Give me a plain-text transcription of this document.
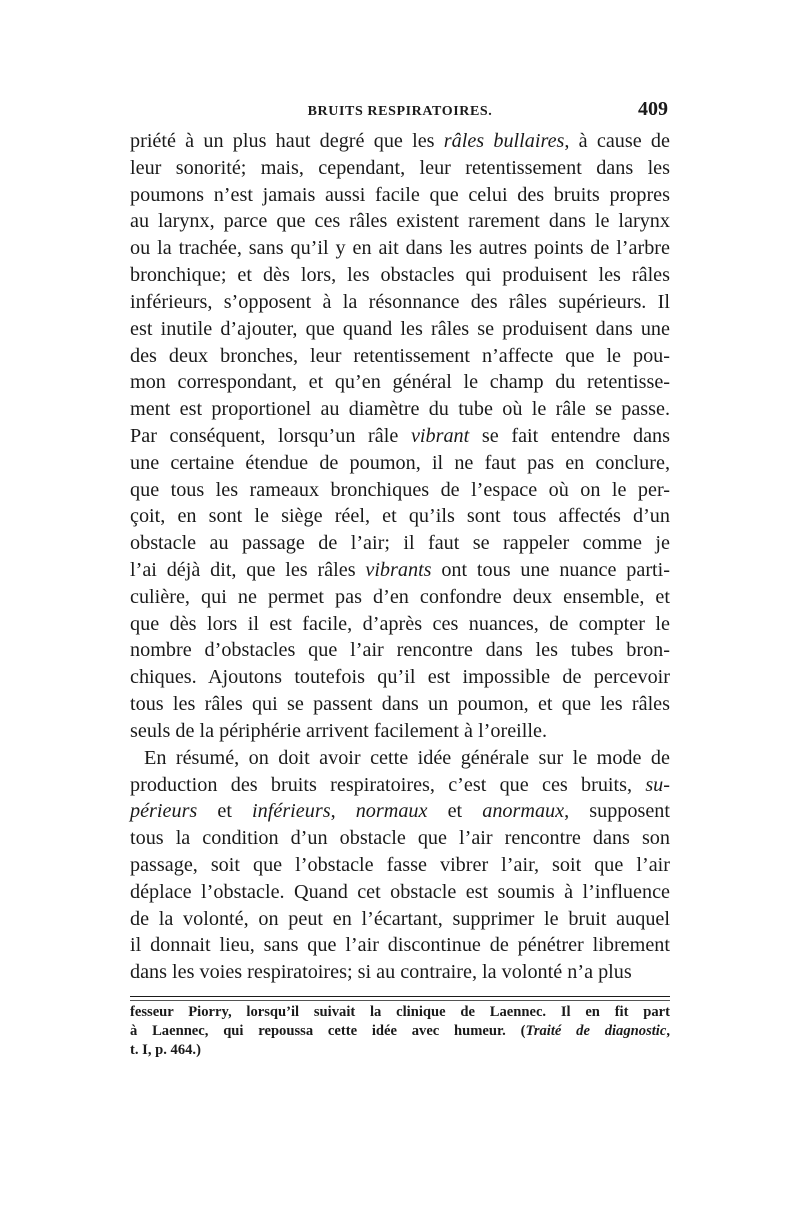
BRUITS RESPIRATOIRES.	409
priété à un plus haut degré que les râles bullaires, à cause de
leur sonorité; mais, cependant, leur retentissement dans les
poumons n’est jamais aussi facile que celui des bruits propres
au larynx, parce que ces râles existent rarement dans le larynx
ou la trachée, sans qu’il y en ait dans les autres points de l’arbre
bronchique; et dès lors, les obstacles qui produisent les râles
inférieurs, s’opposent à la résonnance des râles supérieurs. Il
est inutile d’ajouter, que quand les râles se produisent dans une
des deux bronches, leur retentissement n’affecte que le pou-
mon correspondant, et qu’en général le champ du retentisse-
ment est proportionel au diamètre du tube où le râle se passe.
Par conséquent, lorsqu’un râle vibrant se fait entendre dans
une certaine étendue de poumon, il ne faut pas en conclure,
que tous les rameaux bronchiques de l’espace où on le per-
çoit, en sont le siège réel, et qu’ils sont tous affectés d’un
obstacle au passage de l’air; il faut se rappeler comme je
l’ai déjà dit, que les râles vibrants ont tous une nuance parti-
culière, qui ne permet pas d’en confondre deux ensemble, et
que dès lors il est facile, d’après ces nuances, de compter le
nombre d’obstacles que l’air rencontre dans les tubes bron-
chiques. Ajoutons toutefois qu’il est impossible de percevoir
tous les râles qui se passent dans un poumon, et que les râles
seuls de la périphérie arrivent facilement à l’oreille.
En résumé, on doit avoir cette idée générale sur le mode de
production des bruits respiratoires, c’est que ces bruits, su-
périeurs et inférieurs, normaux et anormaux, supposent
tous la condition d’un obstacle que l’air rencontre dans son
passage, soit que l’obstacle fasse vibrer l’air, soit que l’air
déplace l’obstacle. Quand cet obstacle est soumis à l’influence
de la volonté, on peut en l’écartant, supprimer le bruit auquel
il donnait lieu, sans que l’air discontinue de pénétrer librement
dans les voies respiratoires; si au contraire, la volonté n’a plus
fesseur Piorry, lorsqu’il suivait la clinique de Laennec. Il en fit part
à Laennec, qui repoussa cette idée avec humeur. (Traité de diagnostic,
t. I, p. 464.)
